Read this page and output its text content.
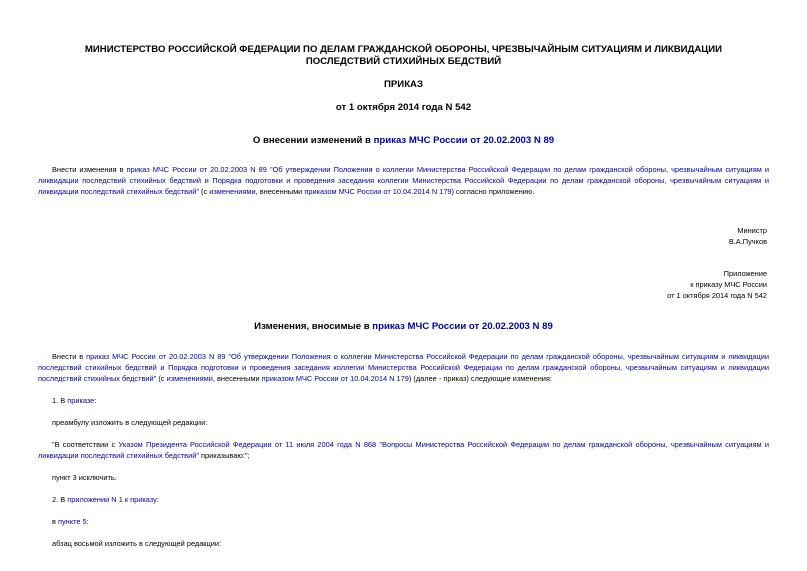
МИНИСТЕРСТВО РОССИЙСКОЙ ФЕДЕРАЦИИ ПО ДЕЛАМ ГРАЖДАНСКОЙ ОБОРОНЫ, ЧРЕЗВЫЧАЙНЫМ СИТУАЦИЯМ И ЛИКВИДАЦИИ ПОСЛЕДСТВИЙ СТИХИЙНЫХ БЕДСТВИЙ
ПРИКАЗ
от 1 октября 2014 года N 542
О внесении изменений в приказ МЧС России от 20.02.2003 N 89

Внести изменения в приказ МЧС России от 20.02.2003 N 89 "Об утверждении Положения о коллегии Министерства Российской Федерации по делам гражданской обороны, чрезвычайным ситуациям и ликвидации последствий стихийных бедствий и Порядка подготовки и проведения заседания коллегии Министерства Российской Федерации по делам гражданской обороны, чрезвычайным ситуациям и ликвидации последствий стихийных бедствий" (с изменениями, внесенными приказом МЧС России от 10.04.2014 N 179) согласно приложению.

Министр
В.А.Пучков
Приложение
к приказу МЧС России
от 1 октября 2014 года N 542
Изменения, вносимые в приказ МЧС России от 20.02.2003 N 89

Внести в приказ МЧС России от 20.02.2003 N 89 "Об утверждении Положения о коллегии Министерства Российской Федерации по делам гражданской обороны, чрезвычайным ситуациям и ликвидации последствий стихийных бедствий и Порядка подготовки и проведения заседания коллегии Министерства Российской Федерации по делам гражданской обороны, чрезвычайным ситуациям и ликвидации последствий стихийных бедствий" (с изменениями, внесенными приказом МЧС России от 10.04.2014 N 179) (далее - приказ) следующие изменения:

1. В приказе:
преамбулу изложить в следующей редакции:

"В соответствии с Указом Президента Российской Федерации от 11 июля 2004 года N 868 "Вопросы Министерства Российской Федерации по делам гражданской обороны, чрезвычайным ситуациям и ликвидации последствий стихийных бедствий" приказываю:";

пункт 3 исключить.
2. В приложении N 1 к приказу:
в пункте 5:
абзац восьмой изложить в следующей редакции:
